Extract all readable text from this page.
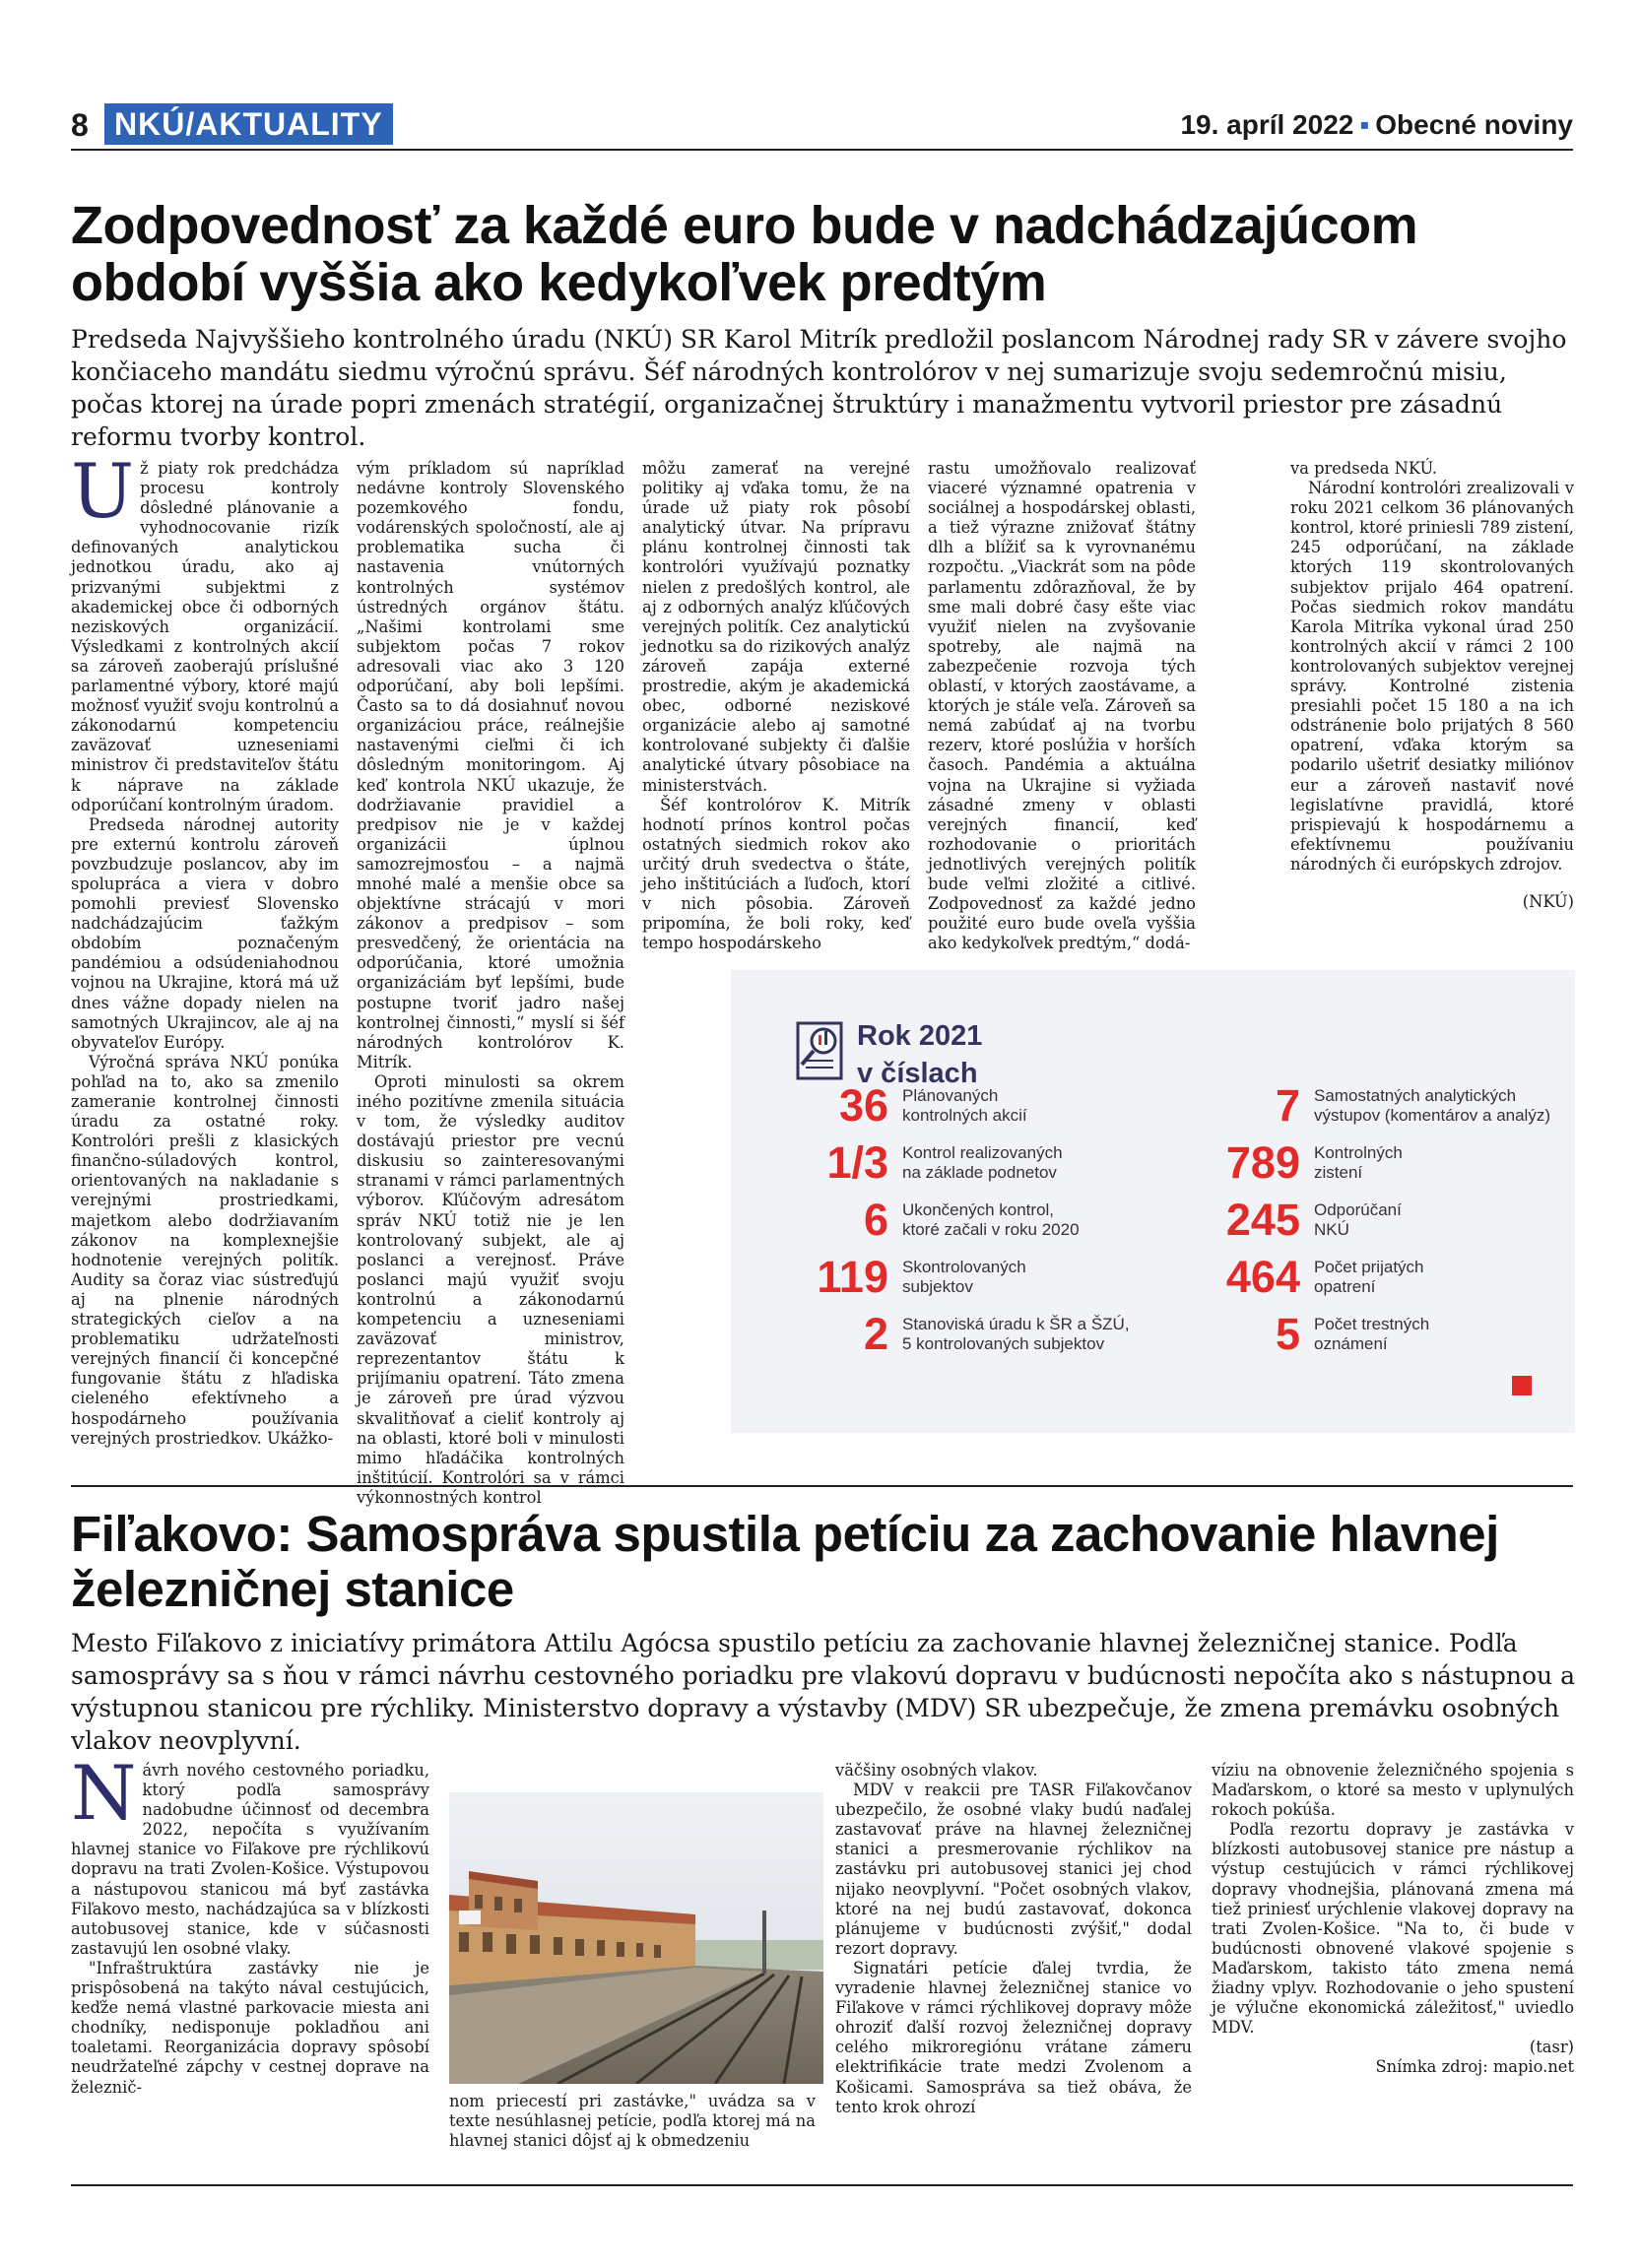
8 NKÚ/AKTUALITY	19. apríl 2022 ▪ Obecné noviny
Zodpovednosť za každé euro bude v nadchádzajúcom období vyššia ako kedykoľvek predtým
Predseda Najvyššieho kontrolného úradu (NKÚ) SR Karol Mitrík predložil poslancom Národnej rady SR v závere svojho končiaceho mandátu siedmu výročnú správu. Šéf národných kontrolórov v nej sumarizuje svoju sedemročnú misiu, počas ktorej na úrade popri zmenách stratégií, organizačnej štruktúry i manažmentu vytvoril priestor pre zásadnú reformu tvorby kontrol.

Už piaty rok predchádza procesu kontroly dôsledné plánovanie a vyhodnocovanie rizík definovaných analytickou jednotkou úradu, ako aj prizvanými subjektmi z akademickej obce či odborných neziskových organizácií. Výsledkami z kontrolných akcií sa zároveň zaoberajú príslušné parlamentné výbory, ktoré majú možnosť využiť svoju kontrolnú a zákonodarnú kompetenciu zaväzovať uzneseniami ministrov či predstaviteľov štátu k náprave na základe odporúčaní kontrolným úradom.

Predseda národnej autority pre externú kontrolu zároveň povzbudzuje poslancov, aby im spolupráca a viera v dobro pomohli previesť Slovensko nadchádzajúcim ťažkým obdobím poznačeným pandémiou a odsúdeniahodnou vojnou na Ukrajine, ktorá má už dnes vážne dopady nielen na samotných Ukrajincov, ale aj na obyvateľov Európy.

Výročná správa NKÚ ponúka pohľad na to, ako sa zmenilo zameranie kontrolnej činnosti úradu za ostatné roky. Kontrolóri prešli z klasických finančno-súladových kontrol, orientovaných na nakladanie s verejnými prostriedkami, majetkom alebo dodržiavaním zákonov na komplexnejšie hodnotenie verejných politík. Audity sa čoraz viac sústreďujú aj na plnenie národných strategických cieľov a na problematiku udržateľnosti verejných financií či koncepčné fungovanie štátu z hľadiska cieleného efektívneho a hospodárneho používania verejných prostriedkov. Ukážko-

vým príkladom sú napríklad nedávne kontroly Slovenského pozemkového fondu, vodárenských spoločností, ale aj problematika sucha či nastavenia vnútorných kontrolných systémov ústredných orgánov štátu. „Našimi kontrolami sme subjektom počas 7 rokov adresovali viac ako 3 120 odporúčaní, aby boli lepšími. Často sa to dá dosiahnuť novou organizáciou práce, reálnejšie nastavenými cieľmi či ich dôsledným monitoringom. Aj keď kontrola NKÚ ukazuje, že dodržiavanie pravidiel a predpisov nie je v každej organizácii úplnou samozrejmosťou – a najmä mnohé malé a menšie obce sa objektívne strácajú v mori zákonov a predpisov – som presvedčený, že orientácia na odporúčania, ktoré umožnia organizáciám byť lepšími, bude postupne tvoriť jadro našej kontrolnej činnosti,“ myslí si šéf národných kontrolórov K. Mitrík.

Oproti minulosti sa okrem iného pozitívne zmenila situácia v tom, že výsledky auditov dostávajú priestor pre vecnú diskusiu so zainteresovanými stranami v rámci parlamentných výborov. Kľúčovým adresátom správ NKÚ totiž nie je len kontrolovaný subjekt, ale aj poslanci a verejnosť. Práve poslanci majú využiť svoju kontrolnú a zákonodarnú kompetenciu a uzneseniami zaväzovať ministrov, reprezentantov štátu k prijímaniu opatrení. Táto zmena je zároveň pre úrad výzvou skvalitňovať a cieliť kontroly aj na oblasti, ktoré boli v minulosti mimo hľadáčika kontrolných inštitúcií. Kontrolóri sa v rámci výkonnostných kontrol

môžu zamerať na verejné politiky aj vďaka tomu, že na úrade už piaty rok pôsobí analytický útvar. Na prípravu plánu kontrolnej činnosti tak kontrolóri využívajú poznatky nielen z predošlých kontrol, ale aj z odborných analýz kľúčových verejných politík. Cez analytickú jednotku sa do rizikových analýz zároveň zapája externé prostredie, akým je akademická obec, odborné neziskové organizácie alebo aj samotné kontrolované subjekty či ďalšie analytické útvary pôsobiace na ministerstvách.

Šéf kontrolórov K. Mitrík hodnotí prínos kontrol počas ostatných siedmich rokov ako určitý druh svedectva o štáte, jeho inštitúciách a ľuďoch, ktorí v nich pôsobia. Zároveň pripomína, že boli roky, keď tempo hospodárskeho

rastu umožňovalo realizovať viaceré významné opatrenia v sociálnej a hospodárskej oblasti, a tiež výrazne znižovať štátny dlh a blížiť sa k vyrovnanému rozpočtu. „Viackrát som na pôde parlamentu zdôrazňoval, že by sme mali dobré časy ešte viac využiť nielen na zvyšovanie spotreby, ale najmä na zabezpečenie rozvoja tých oblastí, v ktorých zaostávame, a ktorých je stále veľa. Zároveň sa nemá zabúdať aj na tvorbu rezerv, ktoré poslúžia v horších časoch. Pandémia a aktuálna vojna na Ukrajine si vyžiada zásadné zmeny v oblasti verejných financií, keď rozhodovanie o prioritách jednotlivých verejných politík bude veľmi zložité a citlivé. Zodpovednosť za každé jedno použité euro bude oveľa vyššia ako kedykoľvek predtým,“ dodá-

va predseda NKÚ.

Národní kontrolóri zrealizovali v roku 2021 celkom 36 plánovaných kontrol, ktoré priniesli 789 zistení, 245 odporúčaní, na základe ktorých 119 skontrolovaných subjektov prijalo 464 opatrení. Počas siedmich rokov mandátu Karola Mitríka vykonal úrad 250 kontrolných akcií v rámci 2 100 kontrolovaných subjektov verejnej správy. Kontrolné zistenia presiahli počet 15 180 a na ich odstránenie bolo prijatých 8 560 opatrení, vďaka ktorým sa podarilo ušetriť desiatky miliónov eur a zároveň nastaviť nové legislatívne pravidlá, ktoré prispievajú k hospodárnemu a efektívnemu používaniu národných či európskych zdrojov.

(NKÚ)

Rok 2021
v číslach
36 Plánovaných
kontrolných akcií
1/3 Kontrol realizovaných
na základe podnetov
6 Ukončených kontrol,
ktoré začali v roku 2020
119 Skontrolovaných
subjektov
2 Stanoviská úradu k ŠR a ŠZÚ,
5 kontrolovaných subjektov
7 Samostatných analytických
výstupov (komentárov a analýz)
789 Kontrolných
zistení
245 Odporúčaní
NKÚ
464 Počet prijatých
opatrení
5 Počet trestných
oznámení
Fiľakovo: Samospráva spustila petíciu za zachovanie hlavnej železničnej stanice
Mesto Fiľakovo z iniciatívy primátora Attilu Agócsa spustilo petíciu za zachovanie hlavnej železničnej stanice. Podľa samosprávy sa s ňou v rámci návrhu cestovného poriadku pre vlakovú dopravu v budúcnosti nepočíta ako s nástupnou a výstupnou stanicou pre rýchliky. Ministerstvo dopravy a výstavby (MDV) SR ubezpečuje, že zmena premávku osobných vlakov neovplyvní.

Návrh nového cestovného poriadku, ktorý podľa samosprávy nadobudne účinnosť od decembra 2022, nepočíta s využívaním hlavnej stanice vo Fiľakove pre rýchlikovú dopravu na trati Zvolen-Košice. Výstupovou a nástupovou stanicou má byť zastávka Fiľakovo mesto, nachádzajúca sa v blízkosti autobusovej stanice, kde v súčasnosti zastavujú len osobné vlaky.

"Infraštruktúra zastávky nie je prispôsobená na takýto nával cestujúcich, keďže nemá vlastné parkovacie miesta ani chodníky, nedisponuje pokladňou ani toaletami. Reorganizácia dopravy spôsobí neudržateľné zápchy v cestnej doprave na železnič-

nom priecestí pri zastávke," uvádza sa v texte nesúhlasnej petície, podľa ktorej má na hlavnej stanici dôjsť aj k obmedzeniu

väčšiny osobných vlakov.

MDV v reakcii pre TASR Fiľakovčanov ubezpečilo, že osobné vlaky budú naďalej zastavovať práve na hlavnej železničnej stanici a presmerovanie rýchlikov na zastávku pri autobusovej stanici jej chod nijako neovplyvní. "Počet osobných vlakov, ktoré na nej budú zastavovať, dokonca plánujeme v budúcnosti zvýšiť," dodal rezort dopravy.

Signatári petície ďalej tvrdia, že vyradenie hlavnej železničnej stanice vo Fiľakove v rámci rýchlikovej dopravy môže ohroziť ďalší rozvoj železničnej dopravy celého mikroregiónu vrátane zámeru elektrifikácie trate medzi Zvolenom a Košicami. Samospráva sa tiež obáva, že tento krok ohrozí

víziu na obnovenie železničného spojenia s Maďarskom, o ktoré sa mesto v uplynulých rokoch pokúša.

Podľa rezortu dopravy je zastávka v blízkosti autobusovej stanice pre nástup a výstup cestujúcich v rámci rýchlikovej dopravy vhodnejšia, plánovaná zmena má tiež priniesť urýchlenie vlakovej dopravy na trati Zvolen-Košice. "Na to, či bude v budúcnosti obnovené vlakové spojenie s Maďarskom, takisto táto zmena nemá žiadny vplyv. Rozhodovanie o jeho spustení je výlučne ekonomická záležitosť," uviedlo MDV.

(tasr)

Snímka zdroj: mapio.net
